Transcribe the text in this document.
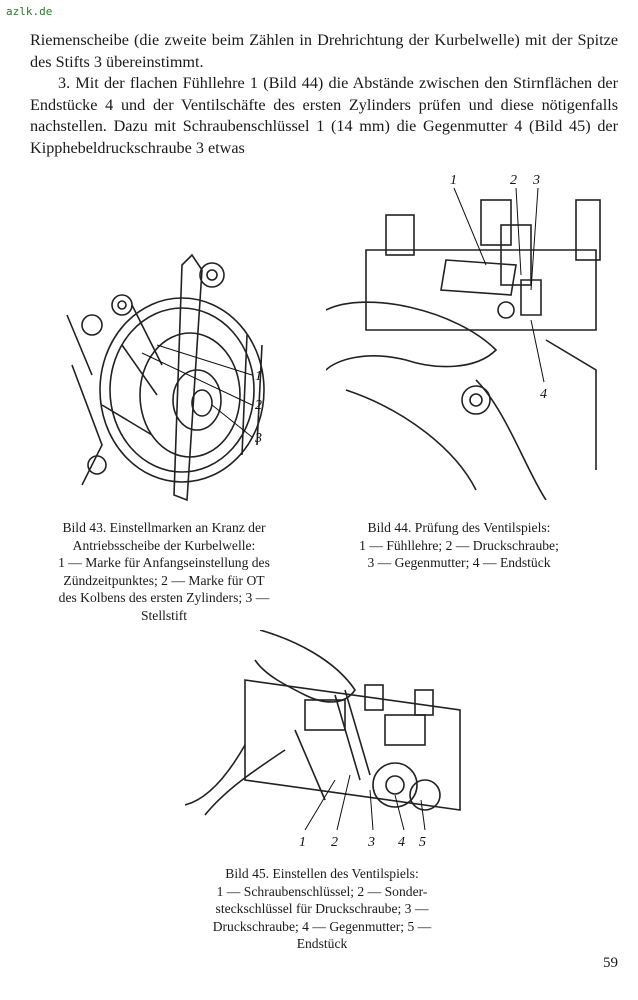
azlk.de

Riemenscheibe (die zweite beim Zählen in Drehrichtung der Kurbelwelle) mit der Spitze des Stifts 3 übereinstimmt.

3. Mit der flachen Fühllehre 1 (Bild 44) die Abstände zwischen den Stirnflächen der Endstücke 4 und der Ventilschäfte des ersten Zylinders prüfen und diese nötigenfalls nachstellen. Dazu mit Schraubenschlüssel 1 (14 mm) die Gegenmutter 4 (Bild 45) der Kipphebeldruckschraube 3 etwas

1
2
3
1	2 3
4
Bild 43. Einstellmarken an Kranz der
Antriebsscheibe der Kurbelwelle:
1 — Marke für Anfangseinstellung des
Zündzeitpunktes; 2 — Marke für OT
des Kolbens des ersten Zylinders; 3 —
Stellstift
Bild 44. Prüfung des Ventilspiels:
1 — Fühllehre; 2 — Druckschraube;
3 — Gegenmutter; 4 — Endstück
1 2 3 4 5
Bild 45. Einstellen des Ventilspiels:
1 — Schraubenschlüssel; 2 — Sonder-
steckschlüssel für Druckschraube; 3 —
Druckschraube; 4 — Gegenmutter; 5 —
Endstück
59
